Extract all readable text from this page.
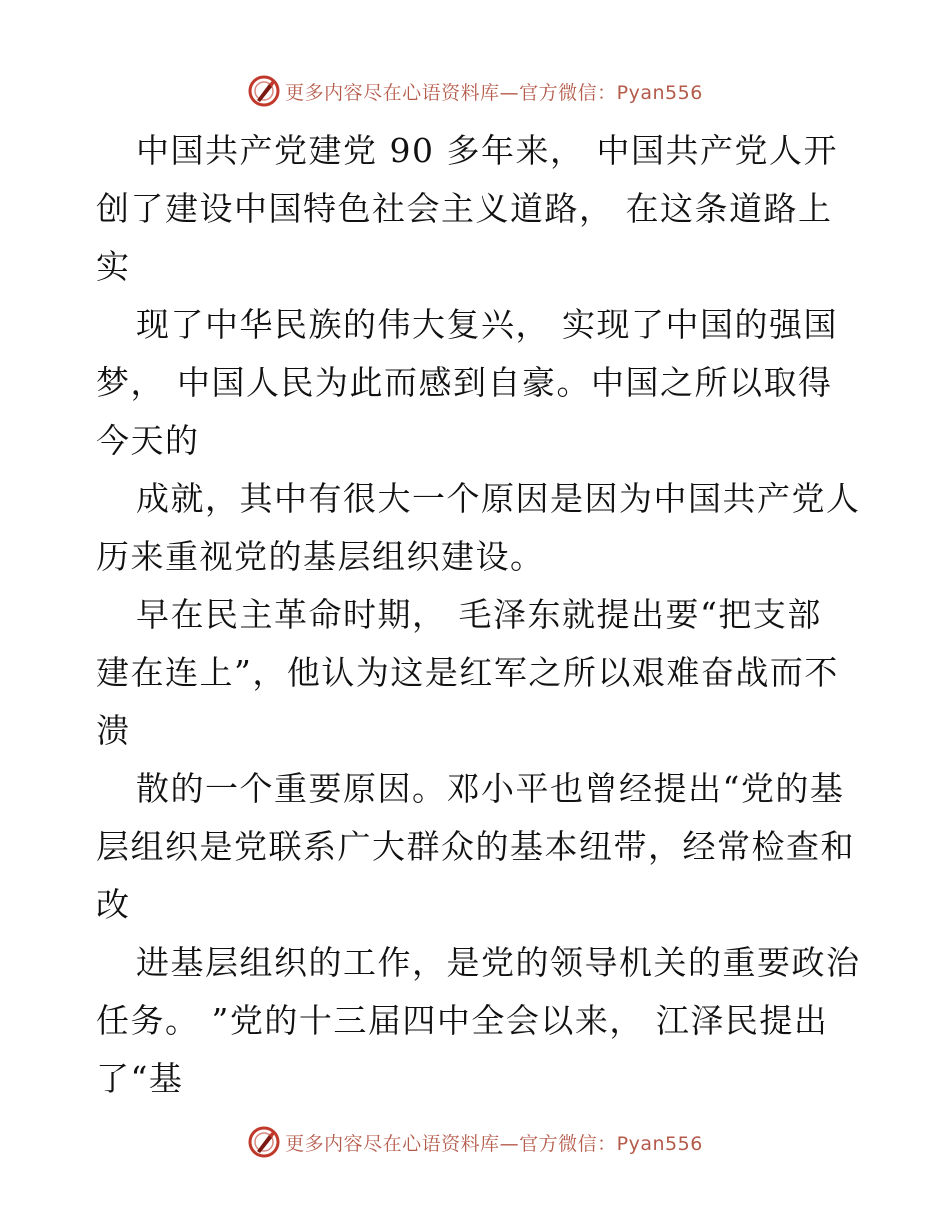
更多内容尽在心语资料库—官方微信：Pyan556
中国共产党建党 90 多年来， 中国共产党人开
创了建设中国特色社会主义道路， 在这条道路上
实
现了中华民族的伟大复兴， 实现了中国的强国
梦， 中国人民为此而感到自豪。中国之所以取得
今天的
成就，其中有很大一个原因是因为中国共产党人
历来重视党的基层组织建设。
早在民主革命时期， 毛泽东就提出要“把支部
建在连上”，他认为这是红军之所以艰难奋战而不
溃
散的一个重要原因。邓小平也曾经提出“党的基
层组织是党联系广大群众的基本纽带，经常检查和
改
进基层组织的工作，是党的领导机关的重要政治
任务。 ”党的十三届四中全会以来， 江泽民提出
了“基
更多内容尽在心语资料库—官方微信：Pyan556
